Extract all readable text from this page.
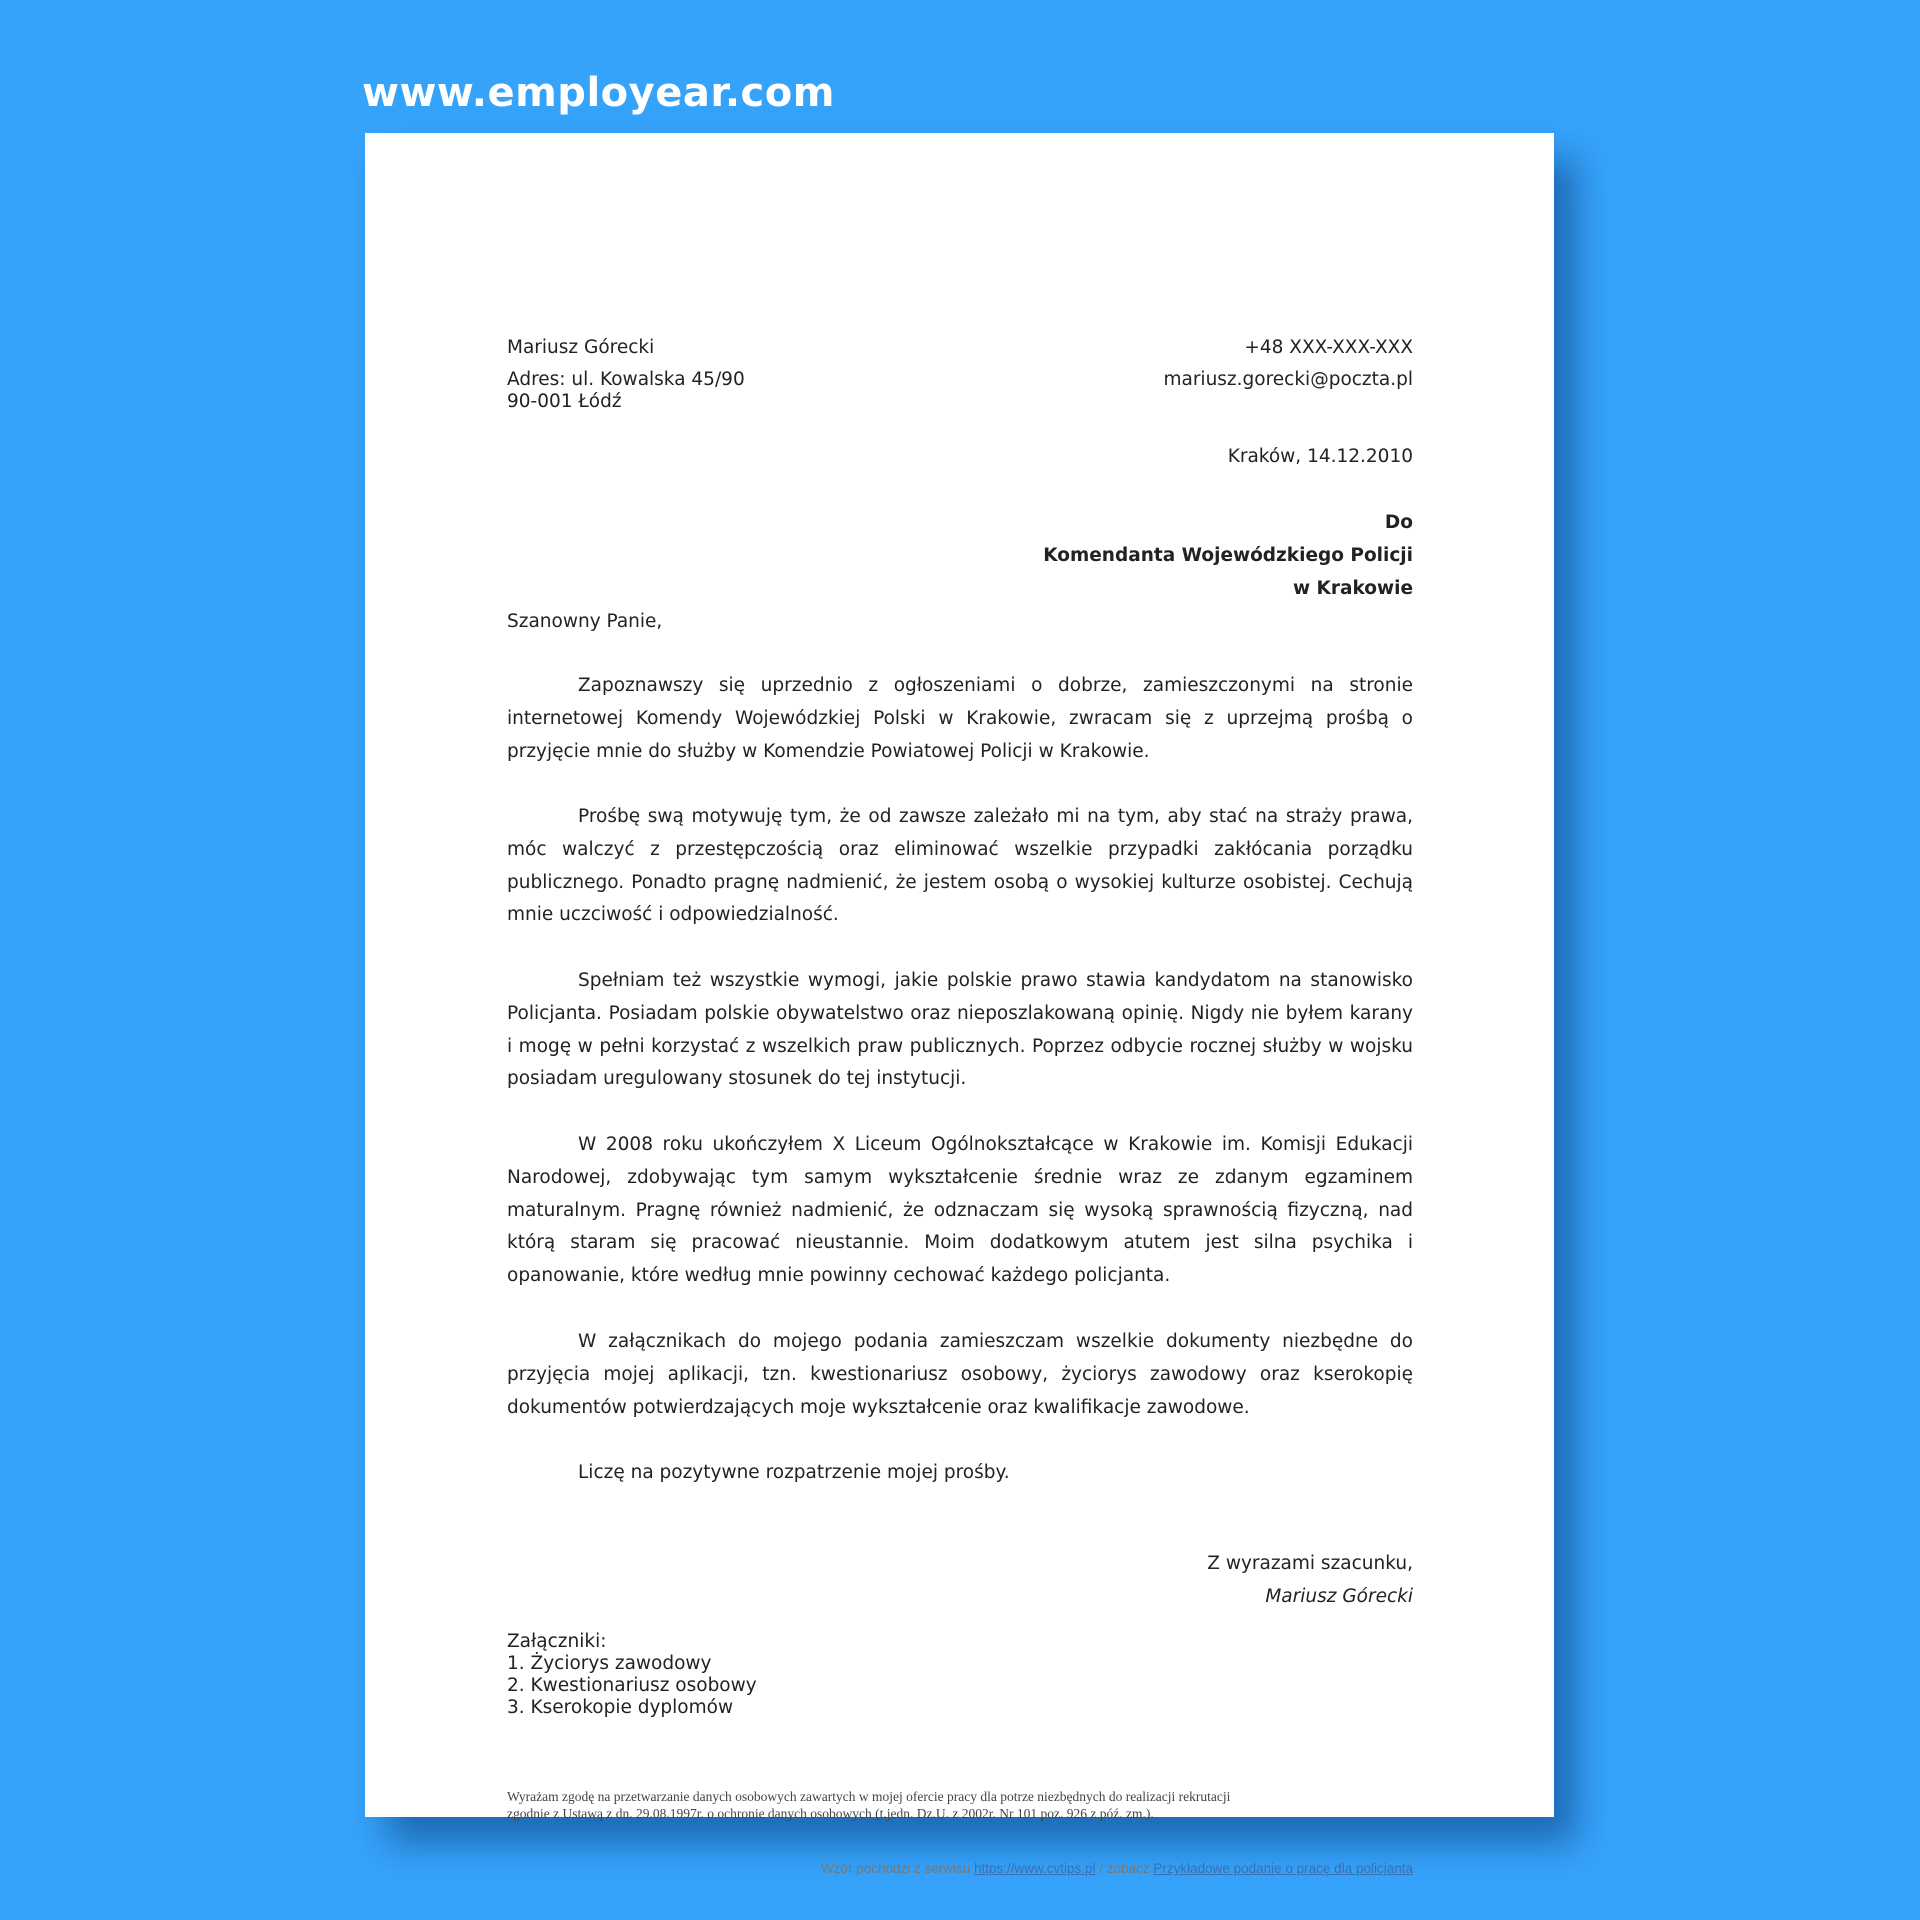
www.employear.com
Mariusz Górecki	+48 XXX-XXX-XXX
Adres: ul. Kowalska 45/90
90-001 Łódź
mariusz.gorecki@poczta.pl
Kraków, 14.12.2010
Do
Komendanta Wojewódzkiego Policji
w Krakowie
Szanowny Panie,

Zapoznawszy się uprzednio z ogłoszeniami o dobrze, zamieszczonymi na stronie internetowej Komendy Wojewódzkiej Polski w Krakowie, zwracam się z uprzejmą prośbą o przyjęcie mnie do służby w Komendzie Powiatowej Policji w Krakowie.

Prośbę swą motywuję tym, że od zawsze zależało mi na tym, aby stać na straży prawa, móc walczyć z przestępczością oraz eliminować wszelkie przypadki zakłócania porządku publicznego. Ponadto pragnę nadmienić, że jestem osobą o wysokiej kulturze osobistej. Cechują mnie uczciwość i odpowiedzialność.

Spełniam też wszystkie wymogi, jakie polskie prawo stawia kandydatom na stanowisko Policjanta. Posiadam polskie obywatelstwo oraz nieposzlakowaną opinię. Nigdy nie byłem karany i mogę w pełni korzystać z wszelkich praw publicznych. Poprzez odbycie rocznej służby w wojsku posiadam uregulowany stosunek do tej instytucji.

W 2008 roku ukończyłem X Liceum Ogólnokształcące w Krakowie im. Komisji Edukacji Narodowej, zdobywając tym samym wykształcenie średnie wraz ze zdanym egzaminem maturalnym. Pragnę również nadmienić, że odznaczam się wysoką sprawnością fizyczną, nad którą staram się pracować nieustannie. Moim dodatkowym atutem jest silna psychika i opanowanie, które według mnie powinny cechować każdego policjanta.

W załącznikach do mojego podania zamieszczam wszelkie dokumenty niezbędne do przyjęcia mojej aplikacji, tzn. kwestionariusz osobowy, życiorys zawodowy oraz kserokopię dokumentów potwierdzających moje wykształcenie oraz kwalifikacje zawodowe.

Liczę na pozytywne rozpatrzenie mojej prośby.

Z wyrazami szacunku,
Mariusz Górecki
Załączniki:
1. Życiorys zawodowy
2. Kwestionariusz osobowy
3. Kserokopie dyplomów
Wyrażam zgodę na przetwarzanie danych osobowych zawartych w mojej ofercie pracy dla potrze niezbędnych do realizacji rekrutacji
zgodnie z Ustawą z dn. 29.08.1997r. o ochronie danych osobowych (t.jedn. Dz.U. z 2002r. Nr 101 poz. 926 z póź. zm.).
Wzór pochodzi z serwisu https://www.cvtips.pl / zobacz Przykładowe podanie o pracę dla policjanta
